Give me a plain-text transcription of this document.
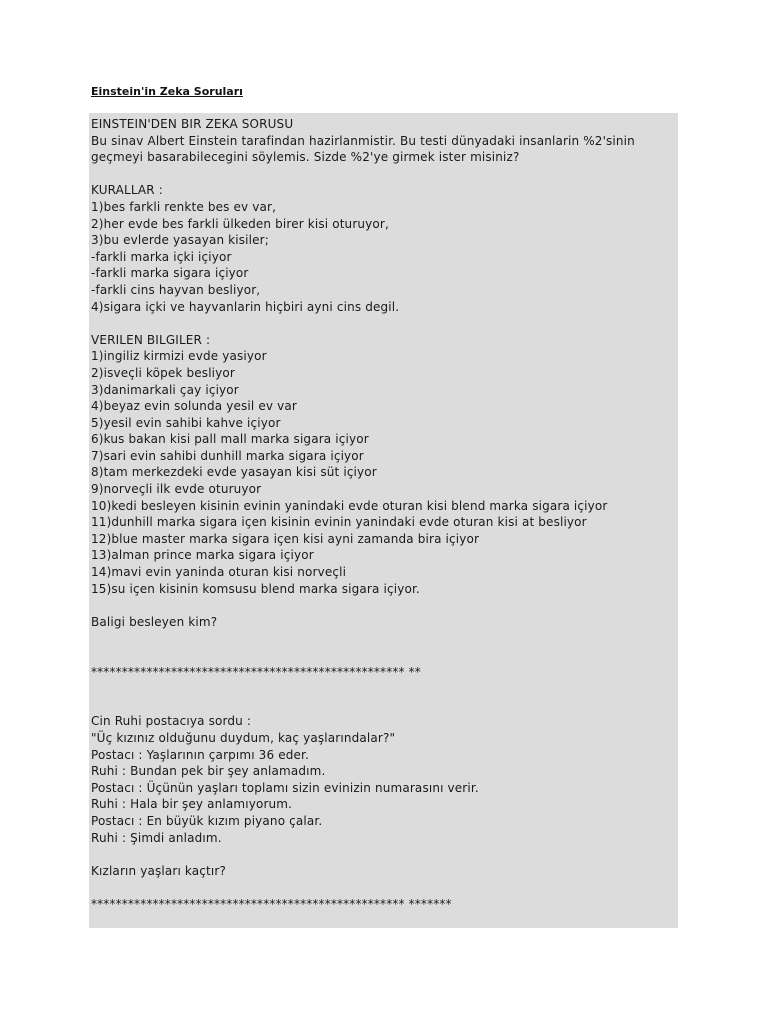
Einstein'in Zeka Soruları
EINSTEIN'DEN BIR ZEKA SORUSU
Bu sinav Albert Einstein tarafindan hazirlanmistir. Bu testi dünyadaki insanlarin %2'sinin
geçmeyi basarabilecegini söylemis. Sizde %2'ye girmek ister misiniz?
KURALLAR :
1)bes farkli renkte bes ev var,
2)her evde bes farkli ülkeden birer kisi oturuyor,
3)bu evlerde yasayan kisiler;
-farkli marka içki içiyor
-farkli marka sigara içiyor
-farkli cins hayvan besliyor,
4)sigara içki ve hayvanlarin hiçbiri ayni cins degil.
VERILEN BILGILER :
1)ingiliz kirmizi evde yasiyor
2)isveçli köpek besliyor
3)danimarkali çay içiyor
4)beyaz evin solunda yesil ev var
5)yesil evin sahibi kahve içiyor
6)kus bakan kisi pall mall marka sigara içiyor
7)sari evin sahibi dunhill marka sigara içiyor
8)tam merkezdeki evde yasayan kisi süt içiyor
9)norveçli ilk evde oturuyor
10)kedi besleyen kisinin evinin yanindaki evde oturan kisi blend marka sigara içiyor
11)dunhill marka sigara içen kisinin evinin yanindaki evde oturan kisi at besliyor
12)blue master marka sigara içen kisi ayni zamanda bira içiyor
13)alman prince marka sigara içiyor
14)mavi evin yaninda oturan kisi norveçli
15)su içen kisinin komsusu blend marka sigara içiyor.
Baligi besleyen kim?
*************************************************** **
Cin Ruhi postacıya sordu :
"Üç kızınız olduğunu duydum, kaç yaşlarındalar?"
Postacı : Yaşlarının çarpımı 36 eder.
Ruhi : Bundan pek bir şey anlamadım.
Postacı : Üçünün yaşları toplamı sizin evinizin numarasını verir.
Ruhi : Hala bir şey anlamıyorum.
Postacı : En büyük kızım piyano çalar.
Ruhi : Şimdi anladım.
Kızların yaşları kaçtır?
*************************************************** *******
